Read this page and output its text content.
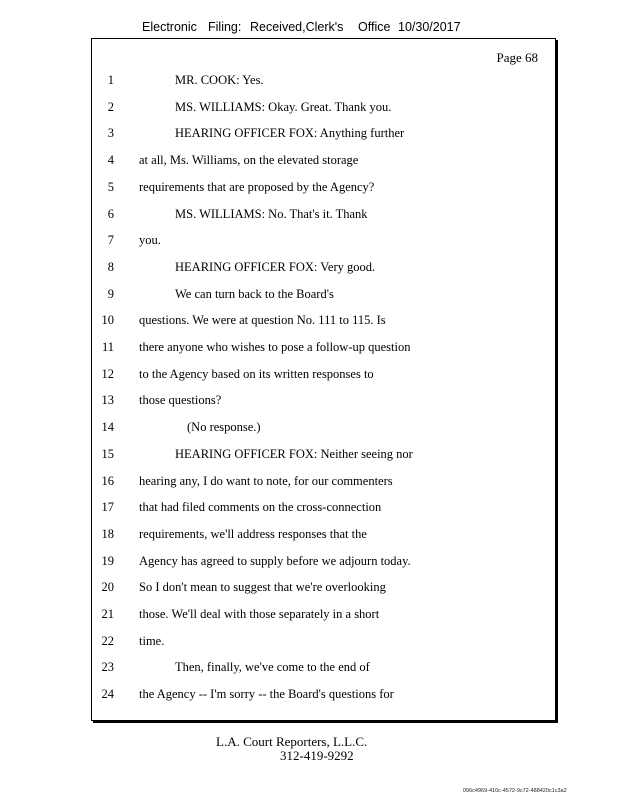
Electronic Filing: Received,Clerk's Office 10/30/2017
Page 68
1	MR. COOK: Yes.
2	MS. WILLIAMS: Okay. Great. Thank you.
3	HEARING OFFICER FOX: Anything further
4 at all, Ms. Williams, on the elevated storage
5 requirements that are proposed by the Agency?
6	MS. WILLIAMS: No. That's it. Thank
7 you.
8	HEARING OFFICER FOX: Very good.
9	We can turn back to the Board's
10 questions. We were at question No. 111 to 115. Is
11 there anyone who wishes to pose a follow-up question
12 to the Agency based on its written responses to
13 those questions?
14	(No response.)
15	HEARING OFFICER FOX: Neither seeing nor
16 hearing any, I do want to note, for our commenters
17 that had filed comments on the cross-connection
18 requirements, we'll address responses that the
19 Agency has agreed to supply before we adjourn today.
20 So I don't mean to suggest that we're overlooking
21 those. We'll deal with those separately in a short
22 time.
23	Then, finally, we've come to the end of
24 the Agency -- I'm sorry -- the Board's questions for
L.A. Court Reporters, L.L.C.
312-419-9292
096c4969-410c-4572-9c72-488420c1c3a2
